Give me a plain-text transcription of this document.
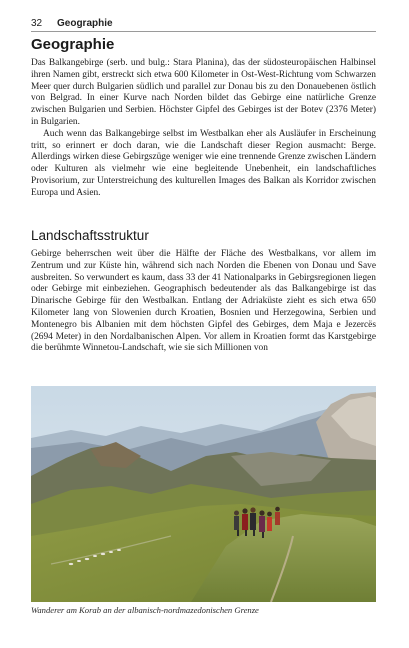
32 Geographie
Geographie

Das Balkangebirge (serb. und bulg.: Stara Planina), das der südosteuropäischen Halbinsel ihren Namen gibt, erstreckt sich etwa 600 Kilometer in Ost-West-Richtung vom Schwarzen Meer quer durch Bulgarien südlich und parallel zur Donau bis zu den Donauebenen östlich von Belgrad. In einer Kurve nach Norden bildet das Gebirge eine natürliche Grenze zwischen Bulgarien und Serbien. Höchster Gipfel des Gebirges ist der Botev (2376 Meter) in Bulgarien.

Auch wenn das Balkangebirge selbst im Westbalkan eher als Ausläufer in Erscheinung tritt, so erinnert er doch daran, wie die Landschaft dieser Region ausmacht: Berge. Allerdings wirken diese Gebirgszüge weniger wie eine trennende Grenze zwischen Ländern oder Kulturen als vielmehr wie eine begleitende Unebenheit, ein landschaftliches Provisorium, zur Unterstreichung des kulturellen Images des Balkan als Korridor zwischen Europa und Asien.

Landschaftsstruktur

Gebirge beherrschen weit über die Hälfte der Fläche des Westbalkans, vor allem im Zentrum und zur Küste hin, während sich nach Norden die Ebenen von Donau und Save ausbreiten. So verwundert es kaum, dass 33 der 41 Nationalparks in Gebirgsregionen liegen oder Gebirge mit einbeziehen. Geographisch bedeutender als das Balkangebirge ist das Dinarische Gebirge für den Westbalkan. Entlang der Adriaküste zieht es sich etwa 650 Kilometer lang von Slowenien durch Kroatien, Bosnien und Herzegowina, Serbien und Montenegro bis Albanien mit dem höchsten Gipfel des Gebirges, dem Maja e Jezercës (2694 Meter) in den Nordalbanischen Alpen. Vor allem in Kroatien formt das Karstgebirge die berühmte Winnetou-Landschaft, wie sie sich Millionen von

Wanderer am Korab an der albanisch-nordmazedonischen Grenze
